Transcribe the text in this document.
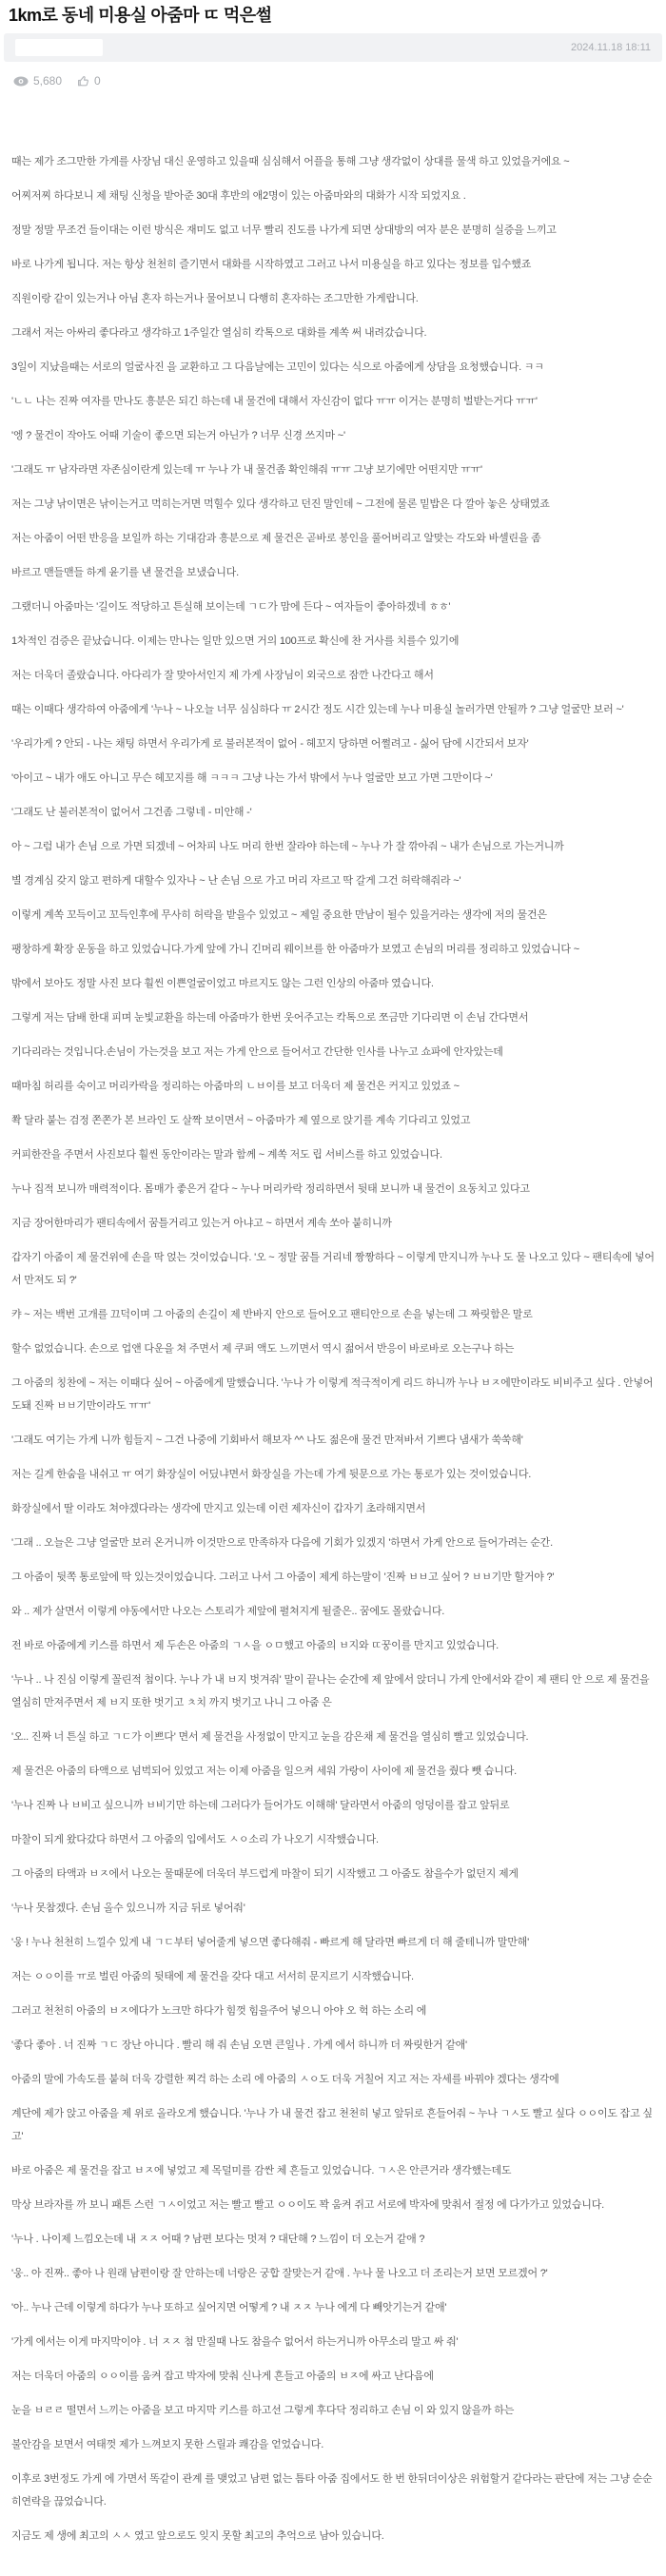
1km로 동네 미용실 아줌마 ㄸ 먹은썰
2024.11.18 18:11
5,680	0

때는 제가 조그만한 가게를 사장님 대신 운영하고 있을때 심심해서 어플을 통해 그냥 생각없이 상대를 물색 하고 있었을거에요 ~

어찌저찌 하다보니 제 채팅 신청을 받아준 30대 후반의 애2명이 있는 아줌마와의 대화가 시작 되었지요 .

정말 정말 무조건 들이대는 이런 방식은 재미도 없고 너무 빨리 진도를 나가게 되면 상대방의 여자 분은 분명히 실증을 느끼고

바로 나가게 됩니다. 저는 항상 천천히 즐기면서 대화를 시작하였고 그러고 나서 미용실을 하고 있다는 정보를 입수했죠

직원이랑 같이 있는거나 아님 혼자 하는거나 물어보니 다행히 혼자하는 조그만한 가게랍니다.

그래서 저는 아싸리 좋다라고 생각하고 1주일간 열심히 칵톡으로 대화를 계쏙 써 내려갔습니다.

3일이 지났을때는 서로의 얼굴사진 을 교환하고 그 다음날에는 고민이 있다는 식으로 아줌에게 상담을 요청했습니다. ㅋㅋ

'ㄴㄴ 나는 진짜 여자를 만나도 흥분은 되긴 하는데 내 물건에 대해서 자신감이 없다 ㅠㅠ 이거는 분명히 벌받는거다 ㅠㅠ'

'엥 ? 물건이 작아도 어때 기술이 좋으면 되는거 아닌가 ? 너무 신경 쓰지마 ~'

'그래도 ㅠ 남자라면 자존심이란게 있는데 ㅠ 누나 가 내 물건좀 확인해줘 ㅠㅠ 그냥 보기에만 어떤지만 ㅠㅠ'

저는 그냥 낚이면은 낚이는거고 먹히는거면 먹힐수 있다 생각하고 던진 말인데 ~ 그전에 물론 밑밥은 다 깔아 놓은 상태였죠

저는 아줌이 어떤 반응을 보일까 하는 기대감과 흥분으로 제 물건은 곧바로 봉인을 풀어버리고 알맞는 각도와 바셀린을 좀

바르고 맨들맨들 하게 윤기를 낸 물건을 보냈습니다.

그랬더니 아줌마는 '길이도 적당하고 튼실해 보이는데 ㄱㄷ가 맘에 든다 ~ 여자들이 좋아하겠네 ㅎㅎ'

1차적인 검증은 끝났습니다. 이제는 만나는 일만 있으면 거의 100프로 확신에 찬 거사를 치를수 있기에

저는 더욱더 졸랐습니다. 아다리가 잘 맞아서인지 제 가게 사장님이 외국으로 잠깐 나간다고 해서

때는 이때다 생각하여 아줌에게 '누나 ~ 나오늘 너무 심심하다 ㅠ 2시간 정도 시간 있는데 누나 미용실 놀러가면 안될까 ? 그냥 얼굴만 보러 ~'

'우리가게 ? 안되 - 나는 채팅 하면서 우리가게 로 불러본적이 없어 - 헤꼬지 당하면 어쩔려고 - 싫어 담에 시간되서 보자'

'아이고 ~ 내가 애도 아니고 무슨 헤꼬지를 해 ㅋㅋㅋ 그냥 나는 가서 밖에서 누나 얼굴만 보고 가면 그만이다 ~'

'그래도 난 불러본적이 없어서 그건좀 그렇네 - 미안해 -'

아 ~ 그럼 내가 손님 으로 가면 되겠네 ~ 어차피 나도 머리 한번 잘라야 하는데 ~ 누나 가 잘 깎아줘 ~ 내가 손님으로 가는거니까

별 경계심 갖지 않고 편하게 대할수 있자나 ~ 난 손님 으로 가고 머리 자르고 딱 갈게 그건 허락해줘라 ~'

이렇게 계쏙 꼬득이고 꼬득인후에 무사히 허락을 받을수 있었고 ~ 제일 중요한 만남이 될수 있을거라는 생각에 저의 물건은

팽창하게 확장 운동을 하고 있었습니다.가게 앞에 가니 긴머리 웨이브를 한 아줌마가 보였고 손님의 머리를 정리하고 있었습니다 ~

밖에서 보아도 정말 사진 보다 훨씬 이쁜얼굴이었고 마르지도 않는 그런 인상의 아줌마 였습니다.

그렇게 저는 담배 한대 피며 눈빛교환을 하는데 아줌마가 한번 웃어주고는 칵톡으로 쪼금만 기다리면 이 손님 간다면서

기다리라는 것입니다.손님이 가는것을 보고 저는 가게 안으로 들어서고 간단한 인사를 나누고 쇼파에 안자았는데

때마침 허리를 숙이고 머리카락을 정리하는 아줌마의 ㄴㅂ이를 보고 더욱더 제 물건은 커지고 있었죠 ~

쫙 달라 붙는 검정 쫀쫀가 본 브라인 도 살짝 보이면서 ~ 아줌마가 제 옆으로 앉기를 계속 기다리고 있었고

커피한잔을 주면서 사진보다 훨씬 동안이라는 말과 함께 ~ 계쏙 저도 립 서비스를 하고 있었습니다.

누나 집적 보니까 매력적이다. 몸매가 좋은거 같다 ~ 누나 머리카락 정리하면서 뒷태 보니까 내 물건이 요동치고 있다고

지금 장어한마리가 팬티속에서 꿈틀거리고 있는거 아냐고 ~ 하면서 계속 쏘아 붙히니까

갑자기 아줌이 제 물건위에 손을 딱 얹는 것이었습니다. '오 ~ 정말 꿈틀 거리네 짱짱하다 ~ 이렇게 만지니까 누나 도 물 나오고 있다 ~ 팬티속에 넣어서 만져도 되 ?'

캬 ~ 저는 백번 고개를 끄덕이며 그 아줌의 손길이 제 반바지 안으로 들어오고 팬티안으로 손을 넣는데 그 짜릿함은 말로

할수 없었습니다. 손으로 업앤 다운을 쳐 주면서 제 쿠퍼 액도 느끼면서 역시 젊어서 반응이 바로바로 오는구나 하는

그 아줌의 칭찬에 ~ 저는 이때다 싶어 ~ 아줌에게 말했습니다. '누나 가 이렇게 적극적이게 리드 하니까 누나 ㅂㅈ에만이라도 비비주고 싶다 . 안넣어도돼 진짜 ㅂㅂ기만이라도 ㅠㅠ'

'그래도 여기는 가게 니까 힘들지 ~ 그건 나중에 기회바서 해보자 ^^ 나도 젊은애 물건 만져바서 기쁘다 냄새가 쑥쑥해'

저는 길게 한숨을 내쉬고 ㅠ 여기 화장실이 어딨냐면서 화장실을 가는데 가게 뒷문으로 가는 통로가 있는 것이었습니다.

화장실에서 딸 이라도 쳐야겠다라는 생각에 만지고 있는데 이런 제자신이 갑자기 초라해지면서

'그래 .. 오늘은 그냥 얼굴만 보러 온거니까 이것만으로 만족하자 다음에 기회가 있겠지 '하면서 가게 안으로 들어가려는 순간.

그 아줌이 뒷쪽 통로앞에 딱 있는것이었습니다. 그러고 나서 그 아줌이 제게 하는말이 '진짜 ㅂㅂ고 싶어 ? ㅂㅂ기만 할거야 ?'

와 .. 제가 살면서 이렇게 야동에서만 나오는 스토리가 제앞에 펼쳐지게 될줄은.. 꿈에도 몰랐습니다.

전 바로 아줌에게 키스를 하면서 제 두손은 아줌의 ㄱㅅ을 ㅇㅁ했고 아줌의 ㅂ지와 ㄸ꿍이를 만지고 있었습니다.

'누나 .. 나 진심 이렇게 꼴린적 첨이다. 누나 가 내 ㅂ지 벗겨줘' 말이 끝나는 순간에 제 앞에서 앉더니 가게 안에서와 같이 제 팬티 안 으로 제 물건을 열심히 만져주면서 제 ㅂ지 또한 벗기고 ㅊ치 까지 벗기고 나니 그 아줌 은

'오.. 진짜 너 튼실 하고 ㄱㄷ가 이쁘다' 면서 제 물건을 사정없이 만지고 눈을 감은채 제 물건을 열심히 빨고 있었습니다.

제 물건은 아줌의 타액으로 넘벅되어 있었고 저는 이제 아줌을 일으켜 세워 가랑이 사이에 제 물건을 줬다 뺏 습니다.

'누나 진짜 나 ㅂ비고 싶으니까 ㅂ비기만 하는데 그러다가 들어가도 이해해' 달라면서 아줌의 엉덩이를 잡고 앞뒤로

마찰이 되게 왔다갔다 하면서 그 아줌의 입에서도 ㅅㅇ소리 가 나오기 시작했습니다.

그 아줌의 타액과 ㅂㅈ에서 나오는 물때문에 더욱더 부드럽게 마찰이 되기 시작했고 그 아줌도 참을수가 없던지 제게

'누나 못참겠다. 손님 올수 있으니까 지금 뒤로 넣어줘'

'웅 ! 누나 천천히 느낄수 있게 내 ㄱㄷ부터 넣어줄게 넣으면 좋다해줘 - 빠르게 해 달라면 빠르게 더 해 줄테니까 말만해'

저는 ㅇㅇ이를 ㅠ로 벌린 아줌의 뒷태에 제 물건을 갖다 대고 서서히 문지르기 시작했습니다.

그러고 천천히 아줌의 ㅂㅈ에다가 노크만 하다가 힘껏 힘을주어 넣으니 아야 오 헉 하는 소리 에

'좋다 좋아 . 너 진짜 ㄱㄷ 장난 아니다 . 빨리 해 줘 손님 오면 큰일나 . 가게 에서 하니까 더 짜릿한거 같애'

아줌의 말에 가속도를 붙혀 더욱 강렬한 찌걱 하는 소리 에 아줌의 ㅅㅇ도 더욱 거칠어 지고 저는 자세를 바꿔야 겠다는 생각에

계단에 제가 앉고 아줌을 제 위로 올라오게 했습니다. '누나 가 내 물건 잡고 천천히 넣고 앞뒤로 흔들어줘 ~ 누나 ㄱㅅ도 빨고 싶다 ㅇㅇ이도 잡고 싶고'

바로 아줌은 제 물건을 잡고 ㅂㅈ에 넣었고 제 목덜미를 감싼 체 흔들고 있었습니다. ㄱㅅ은 안큰거라 생각했는데도

막상 브라자를 까 보니 패튼 스런 ㄱㅅ이었고 저는 빨고 빨고 ㅇㅇ이도 꽉 움켜 쥐고 서로에 박자에 맞춰서 절정 에 다가가고 있었습니다.

'누나 . 나이제 느낌오는데 내 ㅈㅈ 어때 ? 남편 보다는 멋져 ? 대단해 ? 느낌이 더 오는거 같애 ?

'웅.. 아 진짜.. 좋아 나 원래 남편이랑 잘 안하는데 너랑은 궁합 잘맞는거 같애 . 누나 물 나오고 더 조리는거 보면 모르겠어 ?'

'아.. 누나 근데 이렇게 하다가 누나 또하고 싶어지면 어떻게 ? 내 ㅈㅈ 누나 에게 다 빼앗기는거 같애'

'가게 에서는 이게 마지막이야 . 너 ㅈㅈ 첨 만질때 나도 참을수 없어서 하는거니까 아무소리 말고 싸 줘'

저는 더욱더 아줌의 ㅇㅇ이를 움켜 잡고 박자에 맞춰 신나게 흔들고 아줌의 ㅂㅈ에 싸고 난다음에

눈을 ㅂㄹㄹ 떨면서 느끼는 아줌을 보고 마지막 키스를 하고선 그렇게 후다닥 정리하고 손님 이 와 있지 않을까 하는

불안감을 보면서 여태껏 제가 느껴보지 못한 스릴과 쾌감을 얻었습니다.

이후로 3번정도 가게 에 가면서 똑같이 관계 를 맺었고 남편 없는 틈타 아줌 집에서도 한 번 한뒤더이상은 위험할거 같다라는 판단에 저는 그냥 순순히연락을 끊었습니다.

지금도 제 생에 최고의 ㅅㅅ 였고 앞으로도 잊지 못할 최고의 추억으로 남아 있습니다.
